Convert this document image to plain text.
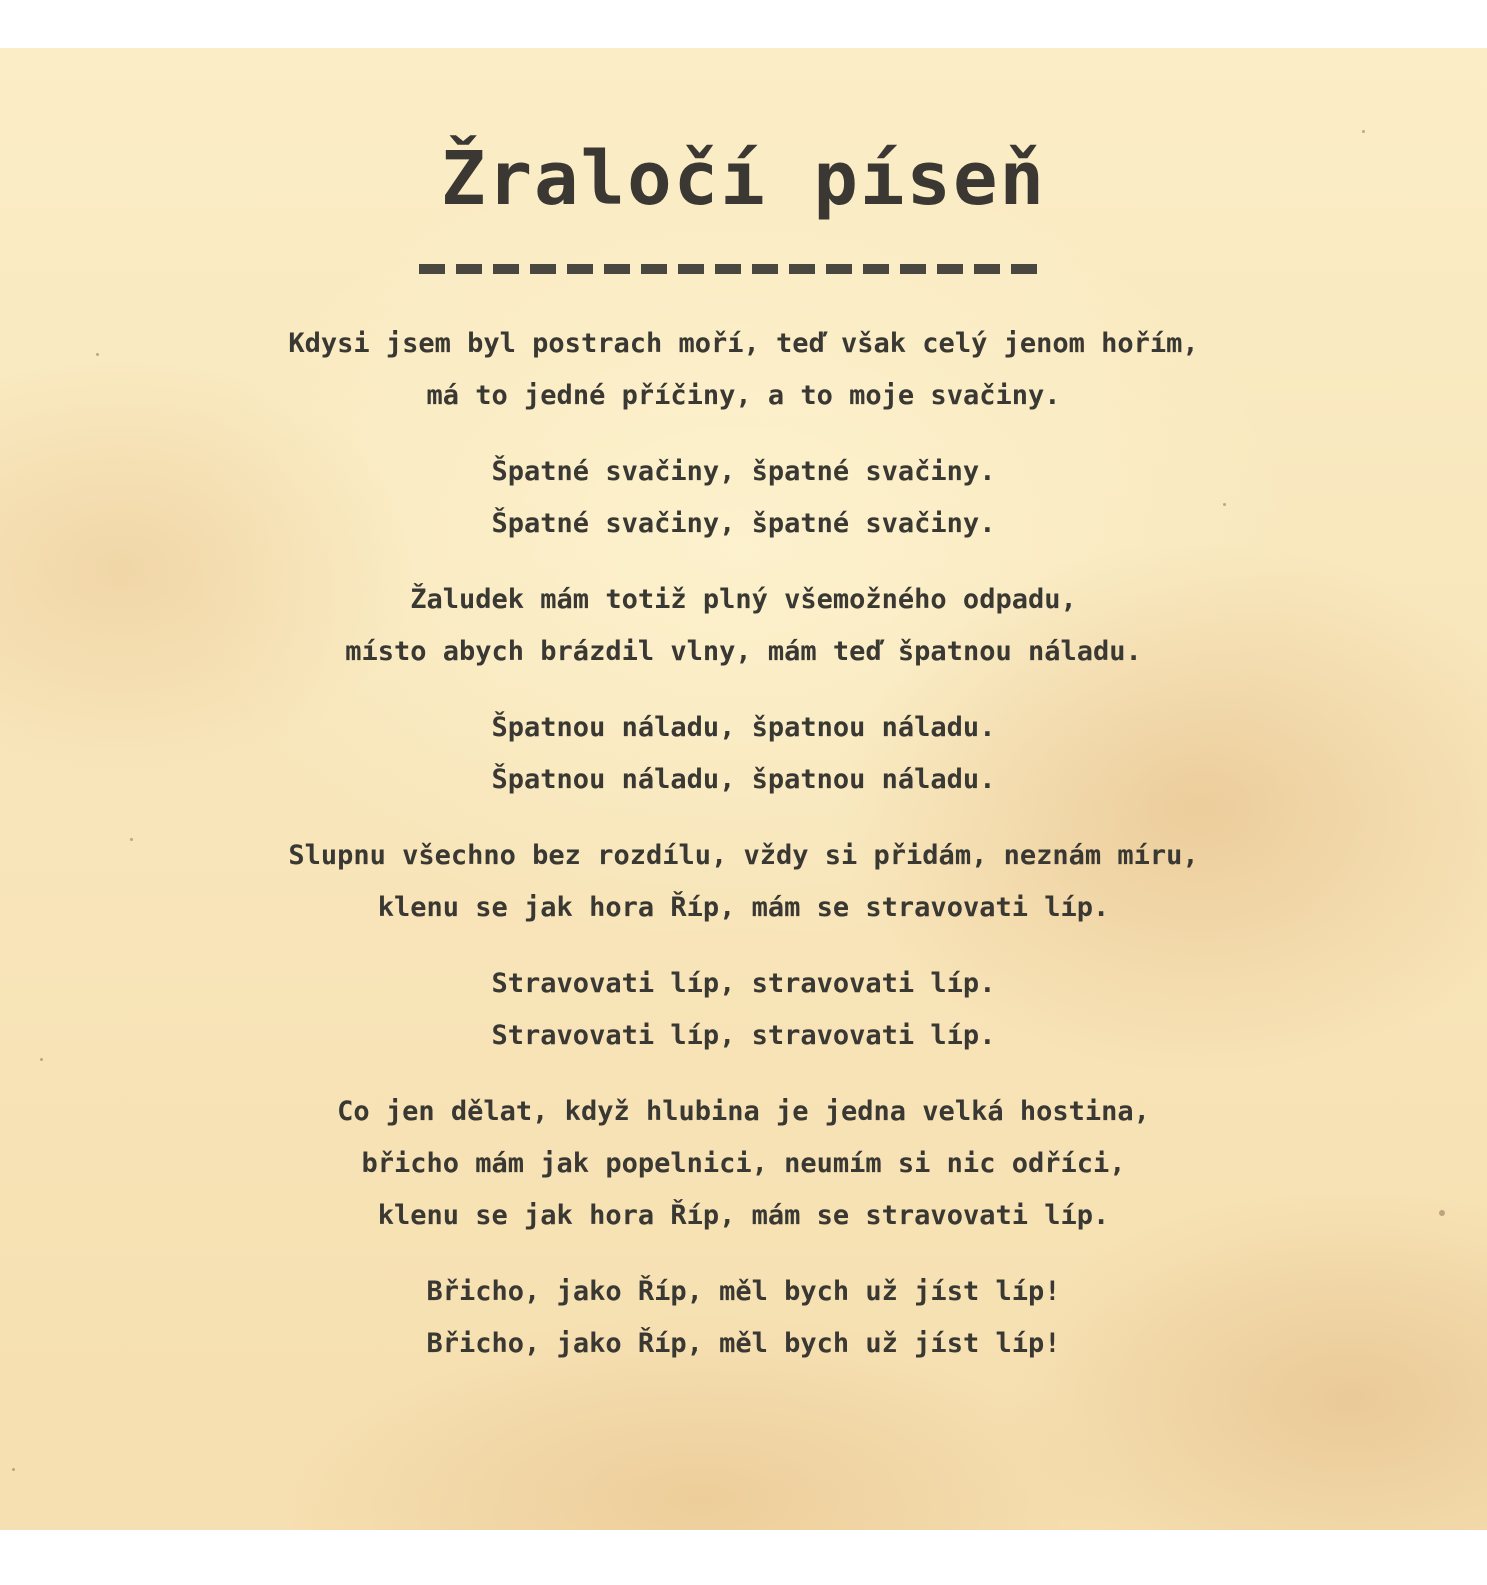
Žraločí píseň
Kdysi jsem byl postrach moří, teď však celý jenom hořím,
má to jedné příčiny, a to moje svačiny.
Špatné svačiny, špatné svačiny.
Špatné svačiny, špatné svačiny.
Žaludek mám totiž plný všemožného odpadu,
místo abych brázdil vlny, mám teď špatnou náladu.
Špatnou náladu, špatnou náladu.
Špatnou náladu, špatnou náladu.
Slupnu všechno bez rozdílu, vždy si přidám, neznám míru,
klenu se jak hora Říp, mám se stravovati líp.
Stravovati líp, stravovati líp.
Stravovati líp, stravovati líp.
Co jen dělat, když hlubina je jedna velká hostina,
břicho mám jak popelnici, neumím si nic odříci,
klenu se jak hora Říp, mám se stravovati líp.
Břicho, jako Říp, měl bych už jíst líp!
Břicho, jako Říp, měl bych už jíst líp!
